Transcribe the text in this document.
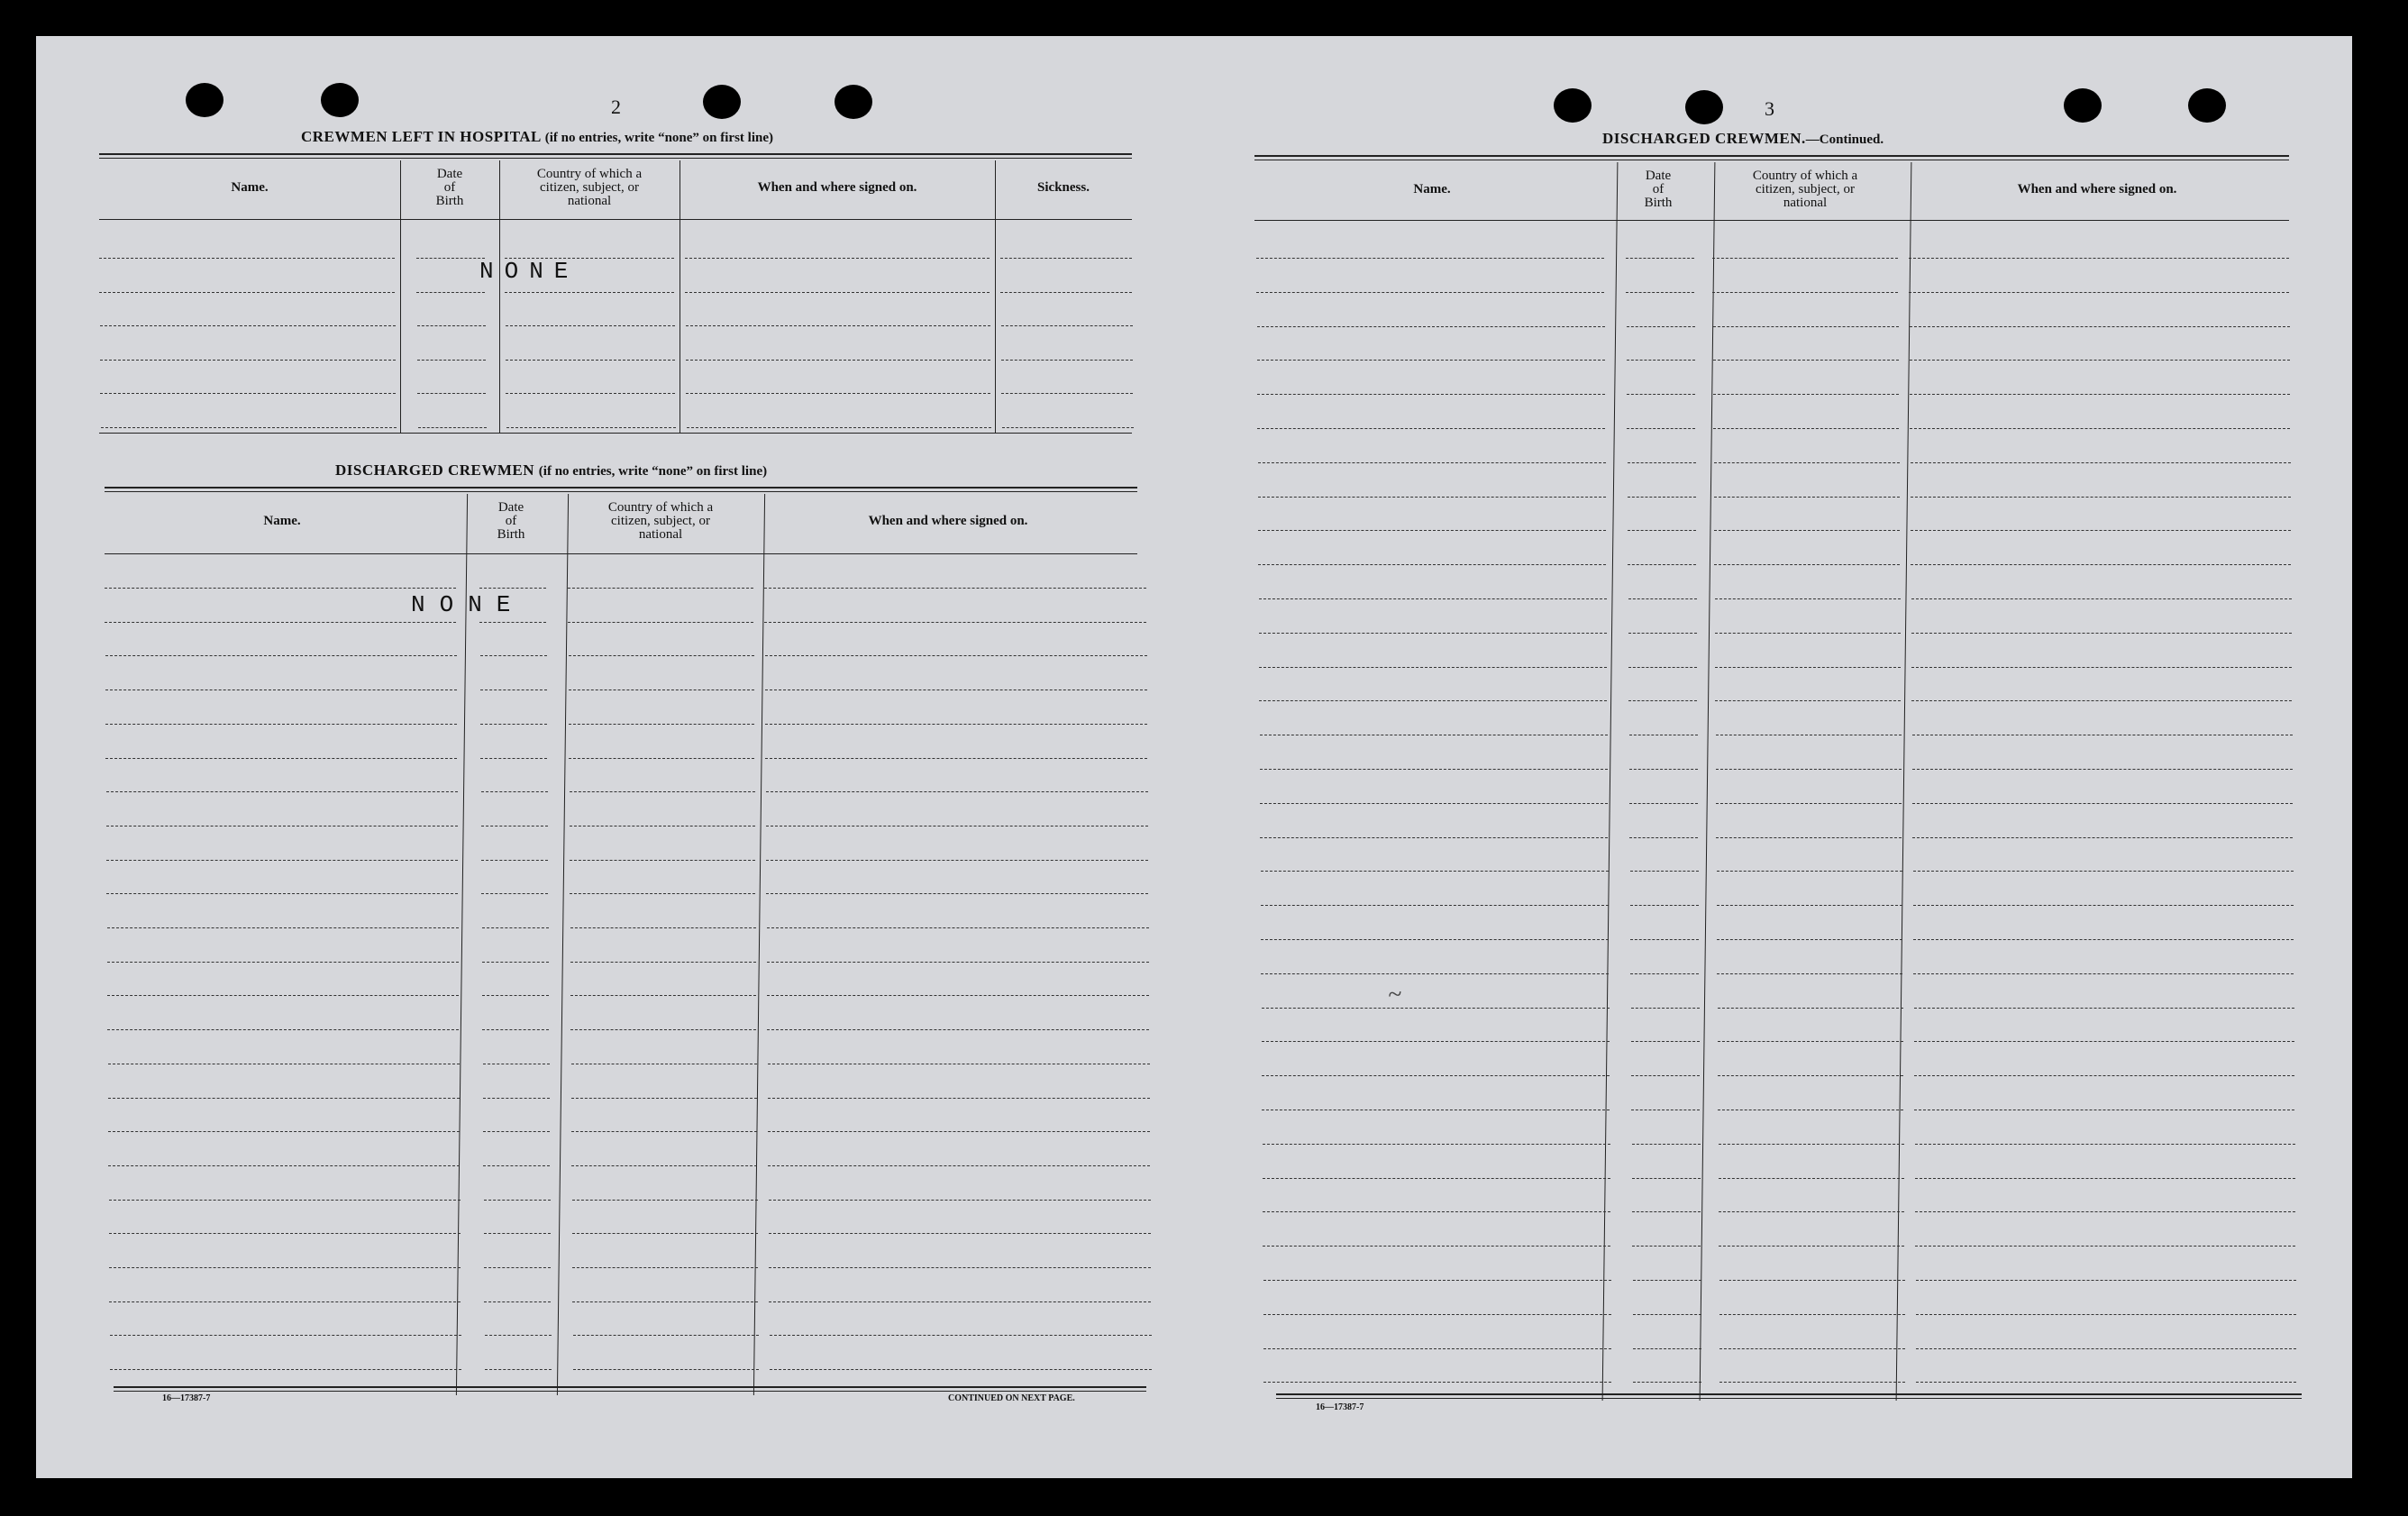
2
CREWMEN LEFT IN HOSPITAL (if no entries, write “none” on first line)
Name.
Date
of
Birth
Country of which a
citizen, subject, or
national
When and where signed on.	Sickness.
NONE
DISCHARGED CREWMEN (if no entries, write “none” on first line)
Name.
Date
of
Birth
Country of which a
citizen, subject, or
national
When and where signed on.
NONE
16—17387-7	CONTINUED ON NEXT PAGE.
3
DISCHARGED CREWMEN.—Continued.
Name.
Date
of
Birth
Country of which a
citizen, subject, or
national
When and where signed on.
~
16—17387-7
